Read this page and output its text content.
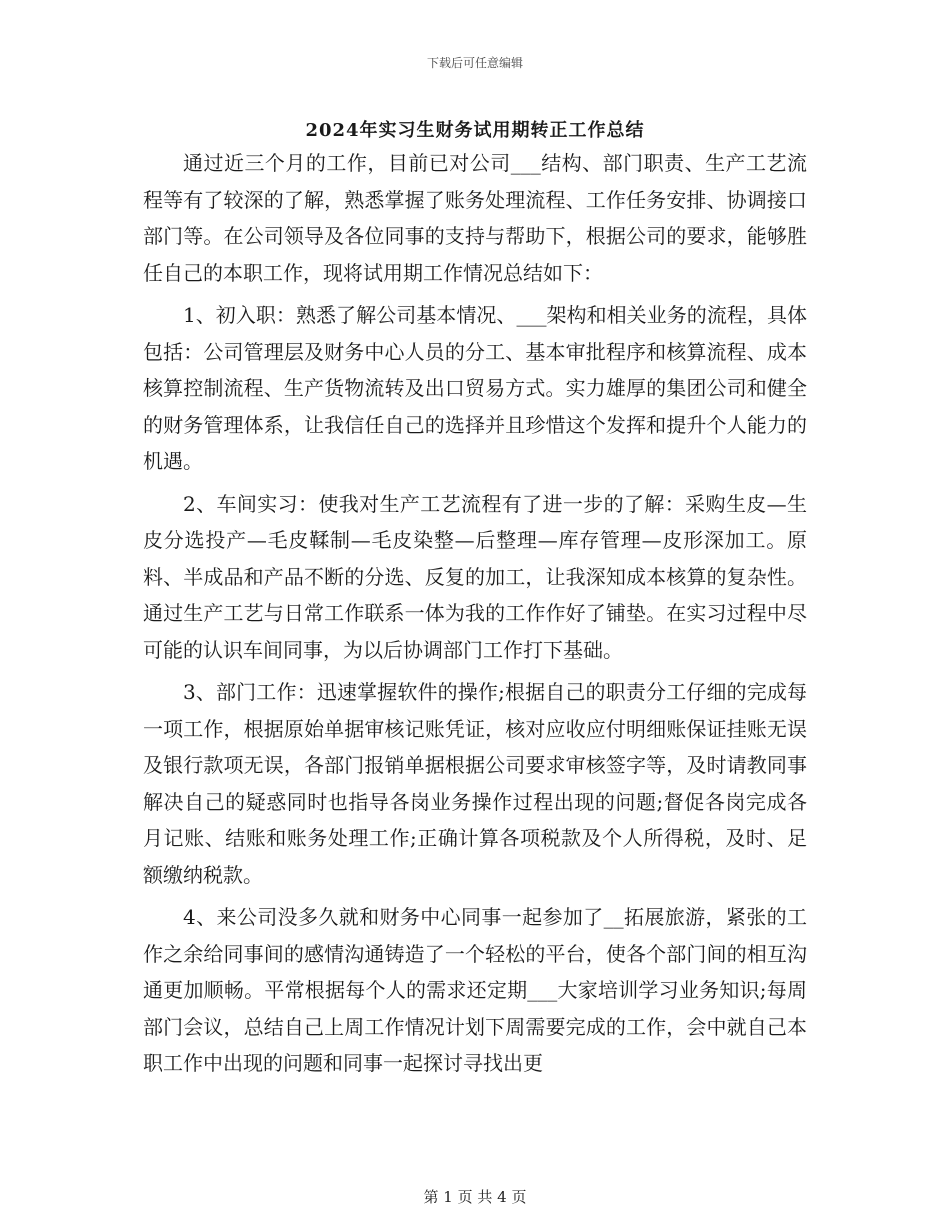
下载后可任意编辑
2024年实习生财务试用期转正工作总结

通过近三个月的工作，目前已对公司___结构、部门职责、生产工艺流程等有了较深的了解，熟悉掌握了账务处理流程、工作任务安排、协调接口部门等。在公司领导及各位同事的支持与帮助下，根据公司的要求，能够胜任自己的本职工作，现将试用期工作情况总结如下：

1、初入职：熟悉了解公司基本情况、___架构和相关业务的流程，具体包括：公司管理层及财务中心人员的分工、基本审批程序和核算流程、成本核算控制流程、生产货物流转及出口贸易方式。实力雄厚的集团公司和健全的财务管理体系，让我信任自己的选择并且珍惜这个发挥和提升个人能力的机遇。

2、车间实习：使我对生产工艺流程有了进一步的了解：采购生皮—生皮分选投产—毛皮鞣制—毛皮染整—后整理—库存管理—皮形深加工。原料、半成品和产品不断的分选、反复的加工，让我深知成本核算的复杂性。通过生产工艺与日常工作联系一体为我的工作作好了铺垫。在实习过程中尽可能的认识车间同事，为以后协调部门工作打下基础。

3、部门工作：迅速掌握软件的操作;根据自己的职责分工仔细的完成每一项工作，根据原始单据审核记账凭证，核对应收应付明细账保证挂账无误及银行款项无误，各部门报销单据根据公司要求审核签字等，及时请教同事解决自己的疑惑同时也指导各岗业务操作过程出现的问题;督促各岗完成各月记账、结账和账务处理工作;正确计算各项税款及个人所得税，及时、足额缴纳税款。

4、来公司没多久就和财务中心同事一起参加了__拓展旅游，紧张的工作之余给同事间的感情沟通铸造了一个轻松的平台，使各个部门间的相互沟通更加顺畅。平常根据每个人的需求还定期___大家培训学习业务知识;每周部门会议，总结自己上周工作情况计划下周需要完成的工作，会中就自己本职工作中出现的问题和同事一起探讨寻找出更

第 1 页 共 4 页
